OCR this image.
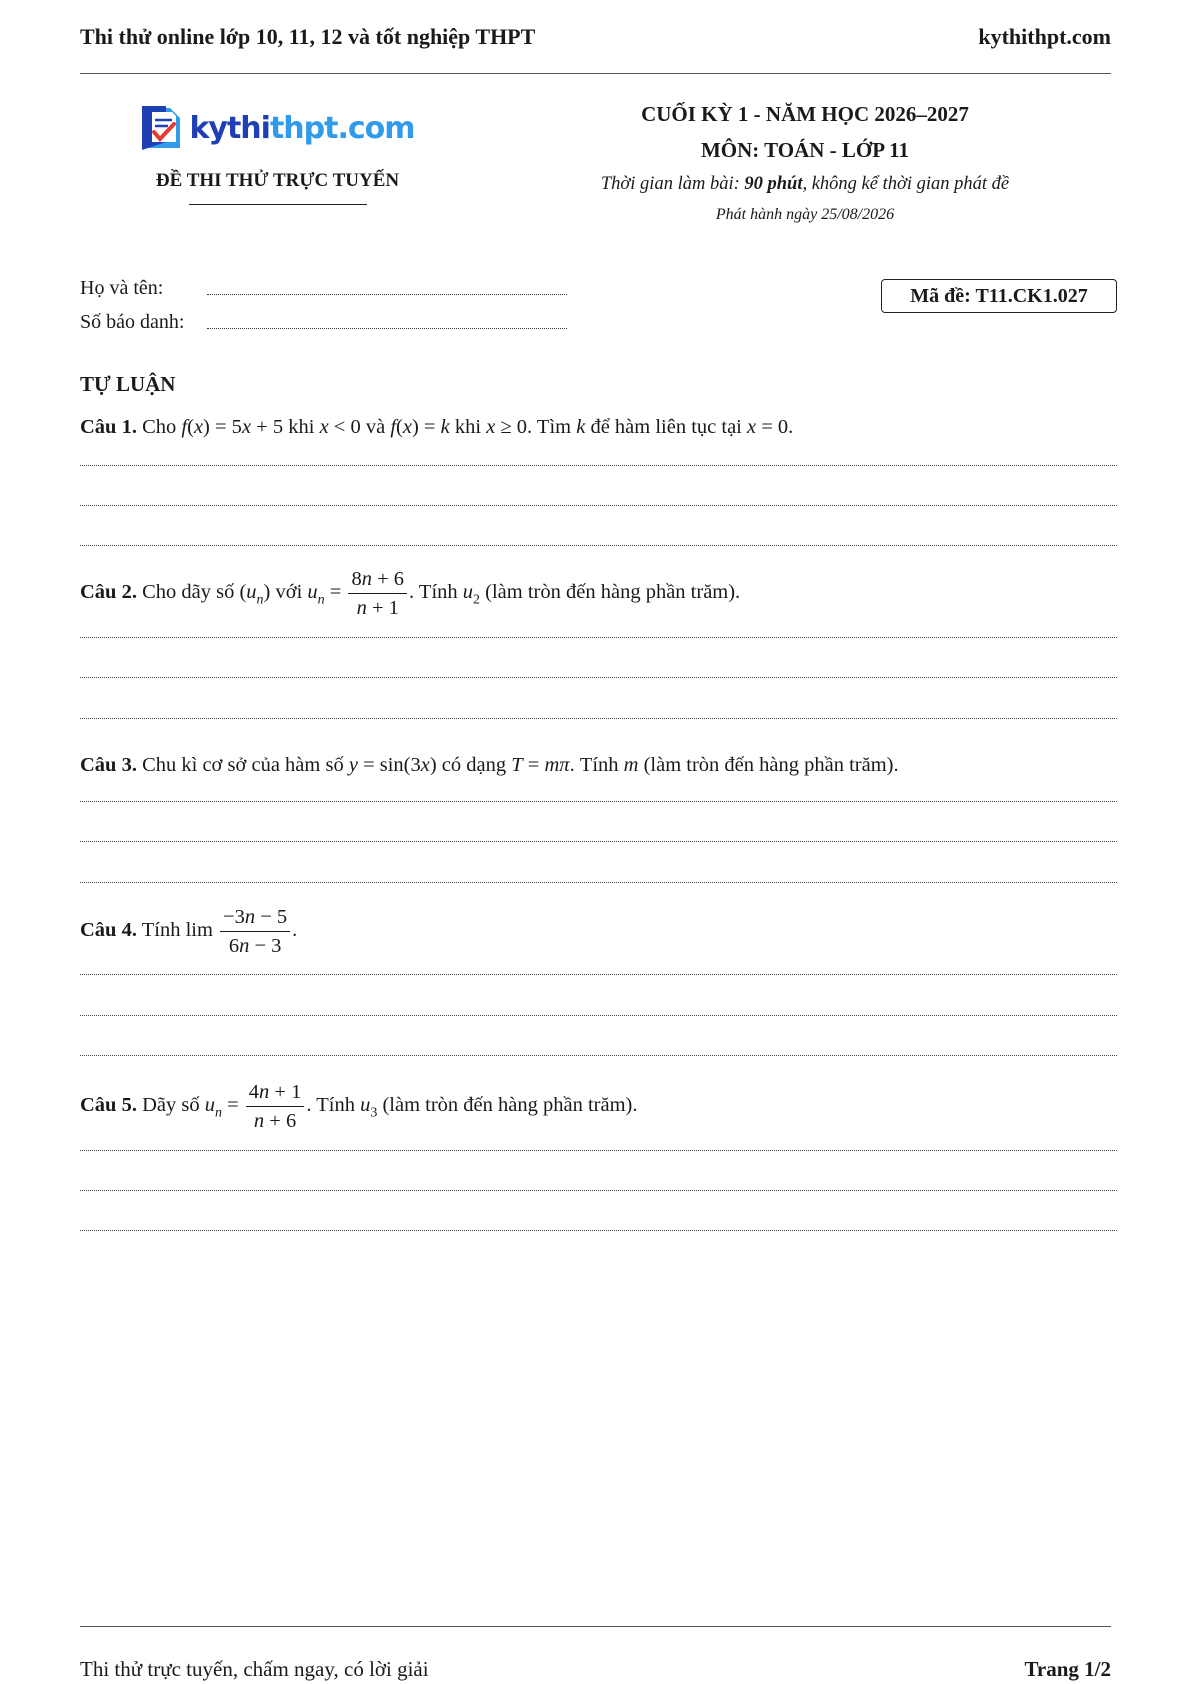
Thi thử online lớp 10, 11, 12 và tốt nghiệp THPT	kythithpt.com
kythithpt.com
ĐỀ THI THỬ TRỰC TUYẾN
CUỐI KỲ 1 - NĂM HỌC 2026–2027
MÔN: TOÁN - LỚP 11
Thời gian làm bài: 90 phút, không kể thời gian phát đề
Phát hành ngày 25/08/2026
Họ và tên:
Số báo danh:
Mã đề: T11.CK1.027
TỰ LUẬN
Câu 1. Cho f(x) = 5x + 5 khi x < 0 và f(x) = k khi x ≥ 0. Tìm k để hàm liên tục tại x = 0.
Câu 2. Cho dãy số $(u_n)$ với $u_n = \frac{8n + 6}{n + 1}$ . Tính $u_2$ (làm tròn đến hàng phần trăm).
Câu 3. Chu kì cơ sở của hàm số y = sin(3x) có dạng T = mπ. Tính m (làm tròn đến hàng phần trăm).
Câu 4. Tính $\lim \frac{-3n - 5}{6n - 3}$ .
Câu 5. Dãy số $u_n = \frac{4n + 1}{n + 6}$ . Tính $u_3$ (làm tròn đến hàng phần trăm).
Thi thử trực tuyến, chấm ngay, có lời giải	Trang 1/2
